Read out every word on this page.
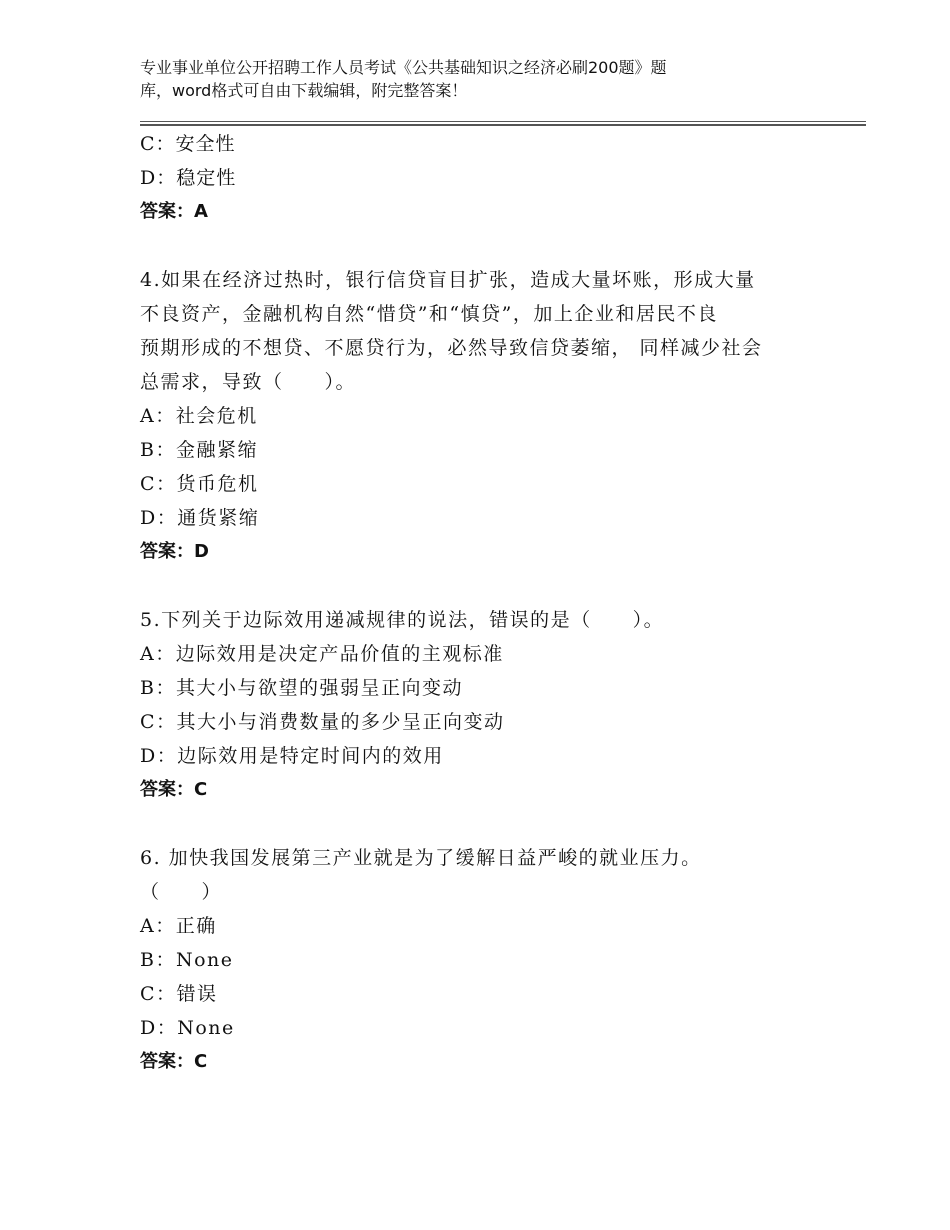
专业事业单位公开招聘工作人员考试《公共基础知识之经济必刷200题》题
库，word格式可自由下载编辑，附完整答案！
C：安全性
D：稳定性
答案：A
4.如果在经济过热时，银行信贷盲目扩张，造成大量坏账，形成大量
不良资产，金融机构自然“惜贷”和“慎贷”，加上企业和居民不良
预期形成的不想贷、不愿贷行为，必然导致信贷萎缩， 同样减少社会
总需求，导致（　　）。
A：社会危机
B：金融紧缩
C：货币危机
D：通货紧缩
答案：D
5.下列关于边际效用递减规律的说法，错误的是（　　）。
A：边际效用是决定产品价值的主观标准
B：其大小与欲望的强弱呈正向变动
C：其大小与消费数量的多少呈正向变动
D：边际效用是特定时间内的效用
答案：C
6. 加快我国发展第三产业就是为了缓解日益严峻的就业压力。
（　　）
A：正确
B：None
C：错误
D：None
答案：C
